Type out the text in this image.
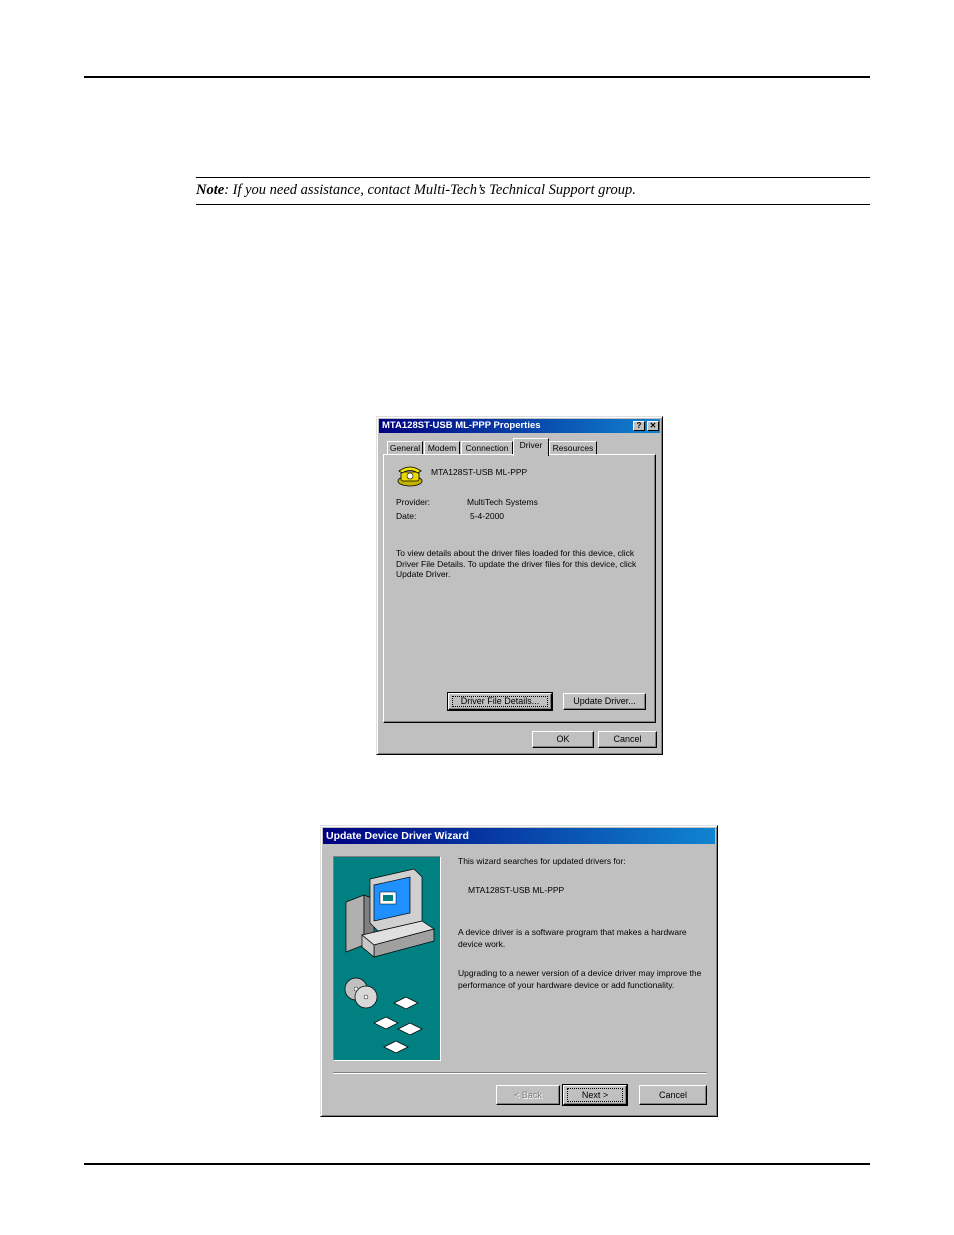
Note: If you need assistance, contact Multi-Tech’s Technical Support group.
MTA128ST-USB ML-PPP Properties	?	✕
General Modem	Connection	Driver	Resources
MTA128ST-USB ML-PPP
Provider:	MultiTech Systems
Date:	5-4-2000
To view details about the driver files loaded for this device, click Driver File Details. To update the driver files for this device, click Update Driver.
Driver File Details...	Update Driver...
OK	Cancel
Update Device Driver Wizard
This wizard searches for updated drivers for:
MTA128ST-USB ML-PPP
A device driver is a software program that makes a hardware device work.
Upgrading to a newer version of a device driver may improve the performance of your hardware device or add functionality.
< Back	Next >	Cancel
